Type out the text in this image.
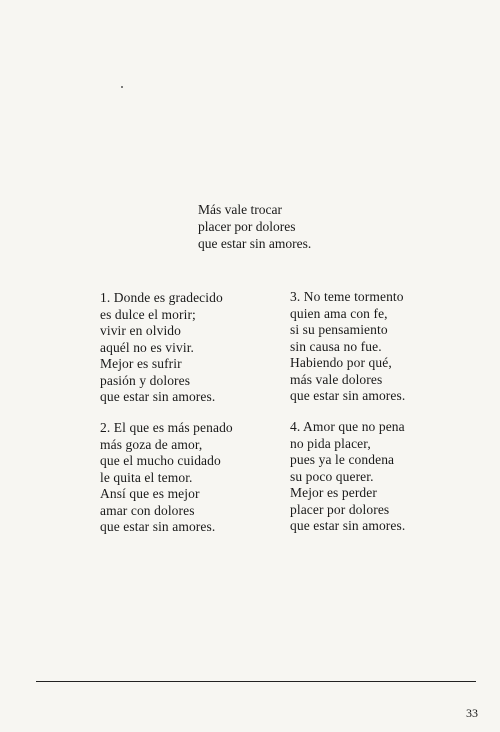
Más vale trocar
placer por dolores
que estar sin amores.
1. Donde es gradecido
es dulce el morir;
vivir en olvido
aquél no es vivir.
Mejor es sufrir
pasión y dolores
que estar sin amores.
2. El que es más penado
más goza de amor,
que el mucho cuidado
le quita el temor.
Ansí que es mejor
amar con dolores
que estar sin amores.
3. No teme tormento
quien ama con fe,
si su pensamiento
sin causa no fue.
Habiendo por qué,
más vale dolores
que estar sin amores.
4. Amor que no pena
no pida placer,
pues ya le condena
su poco querer.
Mejor es perder
placer por dolores
que estar sin amores.
33
